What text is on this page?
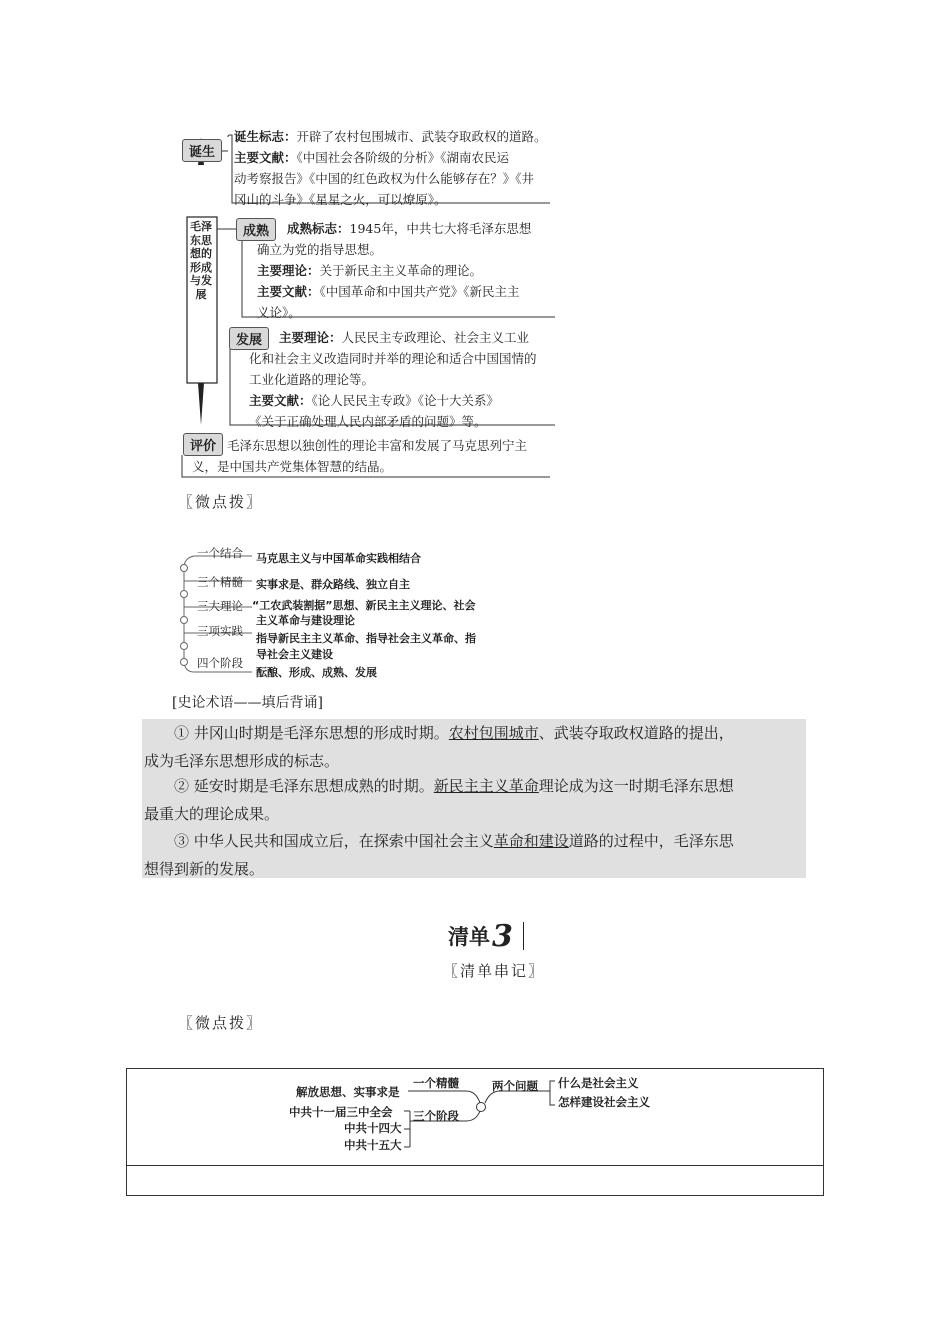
毛泽东思想的形成与发展
诞生
诞生标志：开辟了农村包围城市、武装夺取政权的道路。
主要文献：《中国社会各阶级的分析》《湖南农民运
动考察报告》《中国的红色政权为什么能够存在？》《井
冈山的斗争》《星星之火，可以燎原》。
成熟	成熟标志：1945年，中共七大将毛泽东思想
确立为党的指导思想。
主要理论：关于新民主主义革命的理论。
主要文献：《中国革命和中国共产党》《新民主主
义论》。
发展	主要理论：人民民主专政理论、社会主义工业
化和社会主义改造同时并举的理论和适合中国国情的
工业化道路的理论等。
主要文献：《论人民民主专政》《论十大关系》
《关于正确处理人民内部矛盾的问题》等。
评价 毛泽东思想以独创性的理论丰富和发展了马克思列宁主
义，是中国共产党集体智慧的结晶。
〖微点拨〗
一个结合
三个精髓
三大理论
三项实践
四个阶段
马克思主义与中国革命实践相结合
实事求是、群众路线、独立自主
“工农武装割据”思想、新民主主义理论、社会
主义革命与建设理论
指导新民主主义革命、指导社会主义革命、指
导社会主义建设
酝酿、形成、成熟、发展
[史论术语——填后背诵]
① 井冈山时期是毛泽东思想的形成时期。农村包围城市、武装夺取政权道路的提出，
成为毛泽东思想形成的标志。
② 延安时期是毛泽东思想成熟的时期。新民主主义革命理论成为这一时期毛泽东思想
最重大的理论成果。
③ 中华人民共和国成立后，在探索中国社会主义革命和建设道路的过程中，毛泽东思
想得到新的发展。
清单 3
〖清单串记〗
〖微点拨〗
解放思想、实事求是
中共十一届三中全会
中共十四大
中共十五大
一个精髓
三个阶段
两个问题 什么是社会主义
怎样建设社会主义
